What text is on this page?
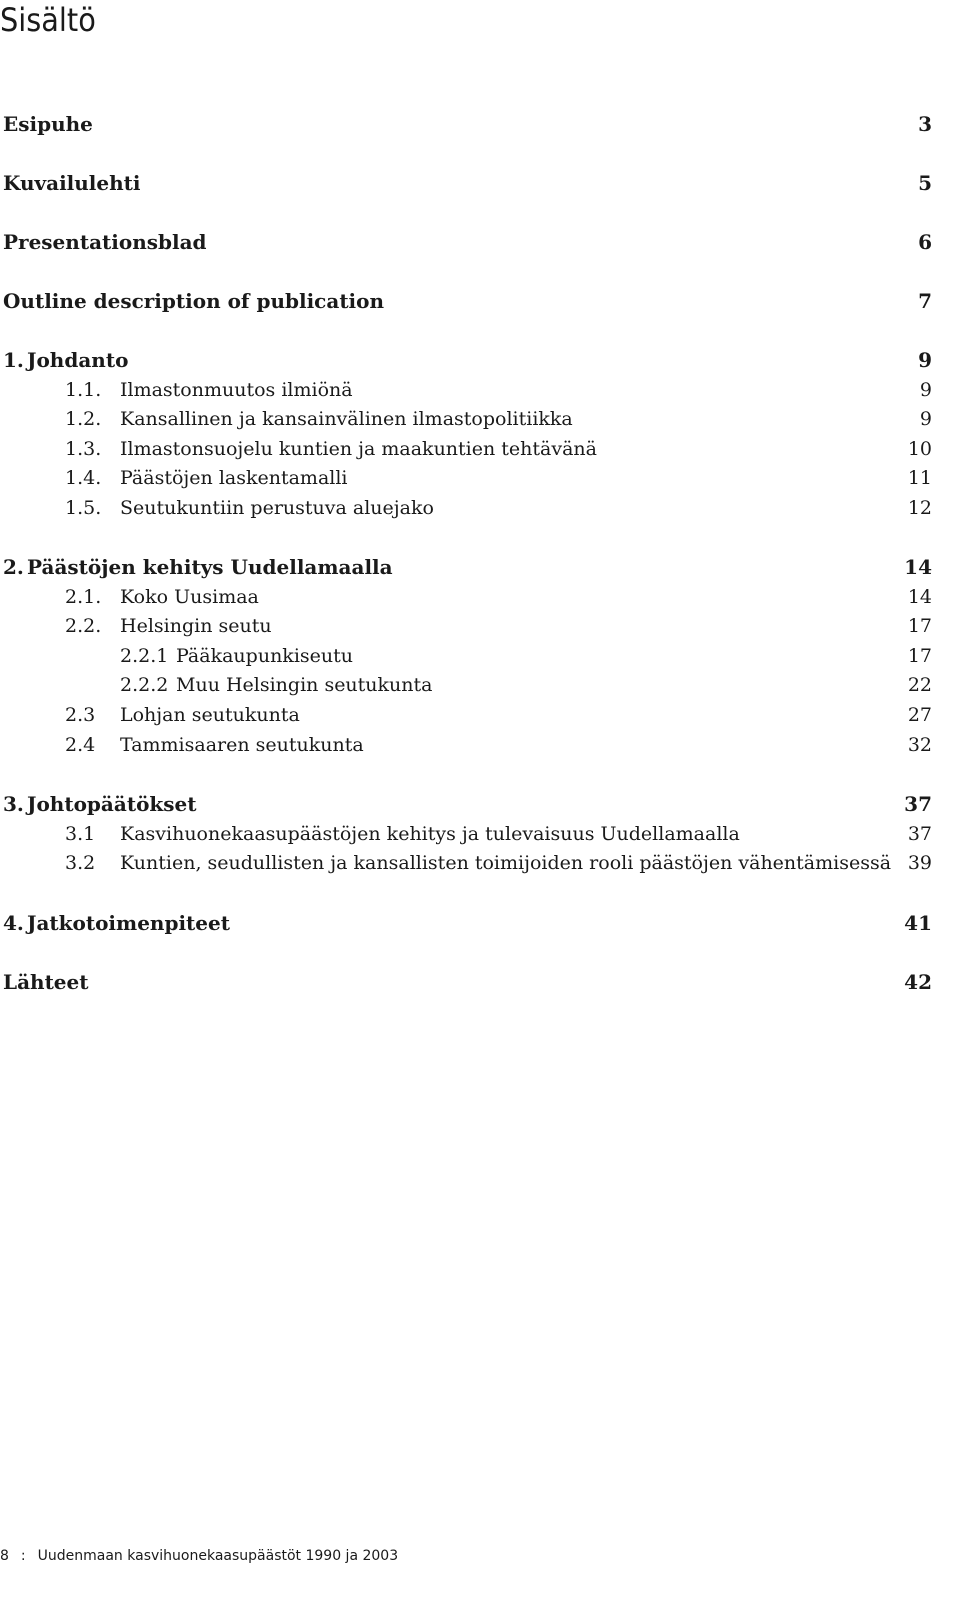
Sisältö
Esipuhe	3
Kuvailulehti	5
Presentationsblad	6
Outline description of publication	7
1. Johdanto	9
1.1. Ilmastonmuutos ilmiönä	9
1.2. Kansallinen ja kansainvälinen ilmastopolitiikka	9
1.3. Ilmastonsuojelu kuntien ja maakuntien tehtävänä	10
1.4. Päästöjen laskentamalli	11
1.5. Seutukuntiin perustuva aluejako	12
2. Päästöjen kehitys Uudellamaalla	14
2.1. Koko Uusimaa	14
2.2. Helsingin seutu	17
2.2.1 Pääkaupunkiseutu	17
2.2.2 Muu Helsingin seutukunta	22
2.3 Lohjan seutukunta	27
2.4 Tammisaaren seutukunta	32
3. Johtopäätökset	37
3.1 Kasvihuonekaasupäästöjen kehitys ja tulevaisuus Uudellamaalla	37
3.2 Kuntien, seudullisten ja kansallisten toimijoiden rooli päästöjen vähentämisessä 39
4. Jatkotoimenpiteet	41
Lähteet	42
8 : Uudenmaan kasvihuonekaasupäästöt 1990 ja 2003
